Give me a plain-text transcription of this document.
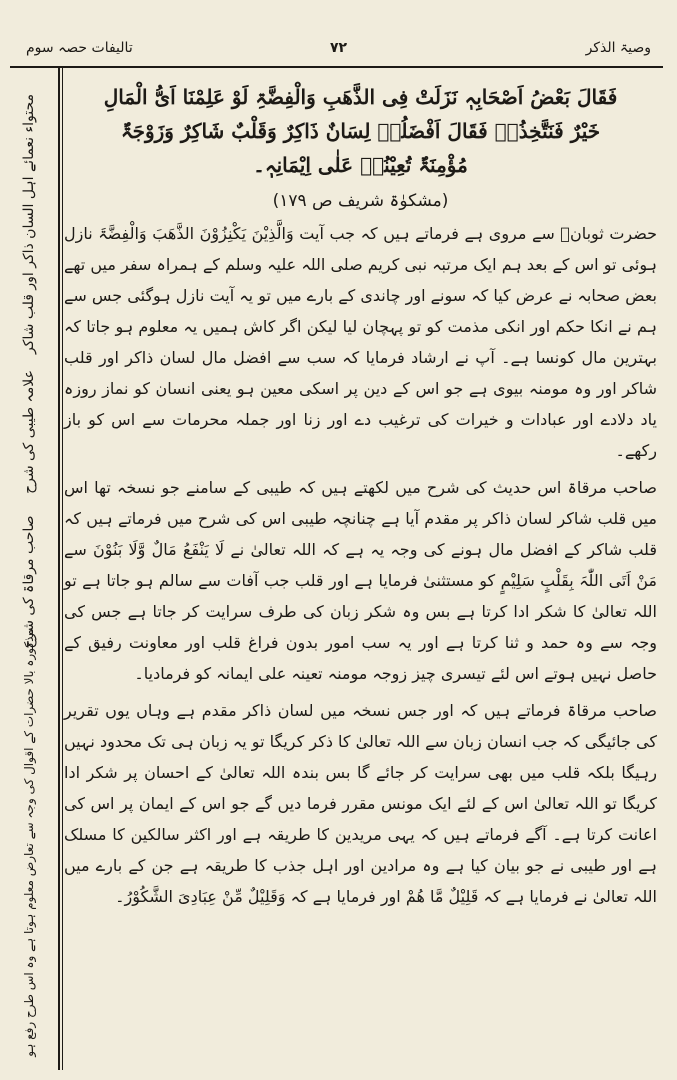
وصیۃ الذکر
۷۲
تالیفات حصہ سوم
محتواء نعمائے اہل السان ذاکر اور قلب شاکر
علامہ طیبی کی شرح
صاحب مرقاۃ کی شرح
مذکورہ بالا حضرات کے اقوال کی وجہ سے تعارض معلوم ہوتا ہے وہ اس طرح رفع ہو
فَقَالَ بَعْضُ اَصْحَابِہٖ نَزَلَتْ فِی الذَّھَبِ وَالْفِضَّۃِ لَوْ عَلِمْنَا اَیُّ الْمَالِ
خَیْرٌ فَنَتَّخِذُہٗ فَقَالَ اَفْضَلُہٗ لِسَانٌ ذَاکِرٌ وَقَلْبٌ شَاکِرٌ وَزَوْجَۃٌ
مُؤْمِنَۃٌ تُعِیْنُہٗ عَلٰی اِیْمَانِہٖ۔
(مشکوٰۃ شریف ص ۱۷۹)

حضرت ثوبانؓ سے مروی ہے فرماتے ہیں کہ جب آیت وَالَّذِیْنَ یَکْنِزُوْنَ الذَّھَبَ وَالْفِضَّۃَ نازل ہوئی تو اس کے بعد ہم ایک مرتبہ نبی کریم صلی اللہ علیہ وسلم کے ہمراہ سفر میں تھے بعض صحابہ نے عرض کیا کہ سونے اور چاندی کے بارے میں تو یہ آیت نازل ہوگئی جس سے ہم نے انکا حکم اور انکی مذمت کو تو پہچان لیا لیکن اگر کاش ہمیں یہ معلوم ہو جاتا کہ بہترین مال کونسا ہے۔ آپ نے ارشاد فرمایا کہ سب سے افضل مال لسان ذاکر اور قلب شاکر اور وہ مومنہ بیوی ہے جو اس کے دین پر اسکی معین ہو یعنی انسان کو نماز روزہ یاد دلادے اور عبادات و خیرات کی ترغیب دے اور زنا اور جملہ محرمات سے اس کو باز رکھے۔

صاحب مرقاۃ اس حدیث کی شرح میں لکھتے ہیں کہ طیبی کے سامنے جو نسخہ تھا اس میں قلب شاکر لسان ذاکر پر مقدم آیا ہے چنانچہ طیبی اس کی شرح میں فرماتے ہیں کہ قلب شاکر کے افضل مال ہونے کی وجہ یہ ہے کہ اللہ تعالیٰ نے لَا یَنْفَعُ مَالٌ وَّلَا بَنُوْنَ سے مَنْ اَتَی اللّٰہَ بِقَلْبٍ سَلِیْمٍ کو مستثنیٰ فرمایا ہے اور قلب جب آفات سے سالم ہو جاتا ہے تو اللہ تعالیٰ کا شکر ادا کرتا ہے بس وہ شکر زبان کی طرف سرایت کر جاتا ہے جس کی وجہ سے وہ حمد و ثنا کرتا ہے اور یہ سب امور بدون فراغ قلب اور معاونت رفیق کے حاصل نہیں ہوتے اس لئے تیسری چیز زوجہ مومنہ تعینہ علی ایمانہ کو فرمادیا۔

صاحب مرقاۃ فرماتے ہیں کہ اور جس نسخہ میں لسان ذاکر مقدم ہے وہاں یوں تقریر کی جائیگی کہ جب انسان زبان سے اللہ تعالیٰ کا ذکر کریگا تو یہ زبان ہی تک محدود نہیں رہیگا بلکہ قلب میں بھی سرایت کر جائے گا بس بندہ اللہ تعالیٰ کے احسان پر شکر ادا کریگا تو اللہ تعالیٰ اس کے لئے ایک مونس مقرر فرما دیں گے جو اس کے ایمان پر اس کی اعانت کرتا ہے۔ آگے فرماتے ہیں کہ یہی مریدین کا طریقہ ہے اور اکثر سالکین کا مسلک ہے اور طیبی نے جو بیان کیا ہے وہ مرادین اور اہل جذب کا طریقہ ہے جن کے بارے میں اللہ تعالیٰ نے فرمایا ہے کہ قَلِیْلٌ مَّا ھُمْ اور فرمایا ہے کہ وَقَلِیْلٌ مِّنْ عِبَادِیَ الشَّکُوْرُ۔
